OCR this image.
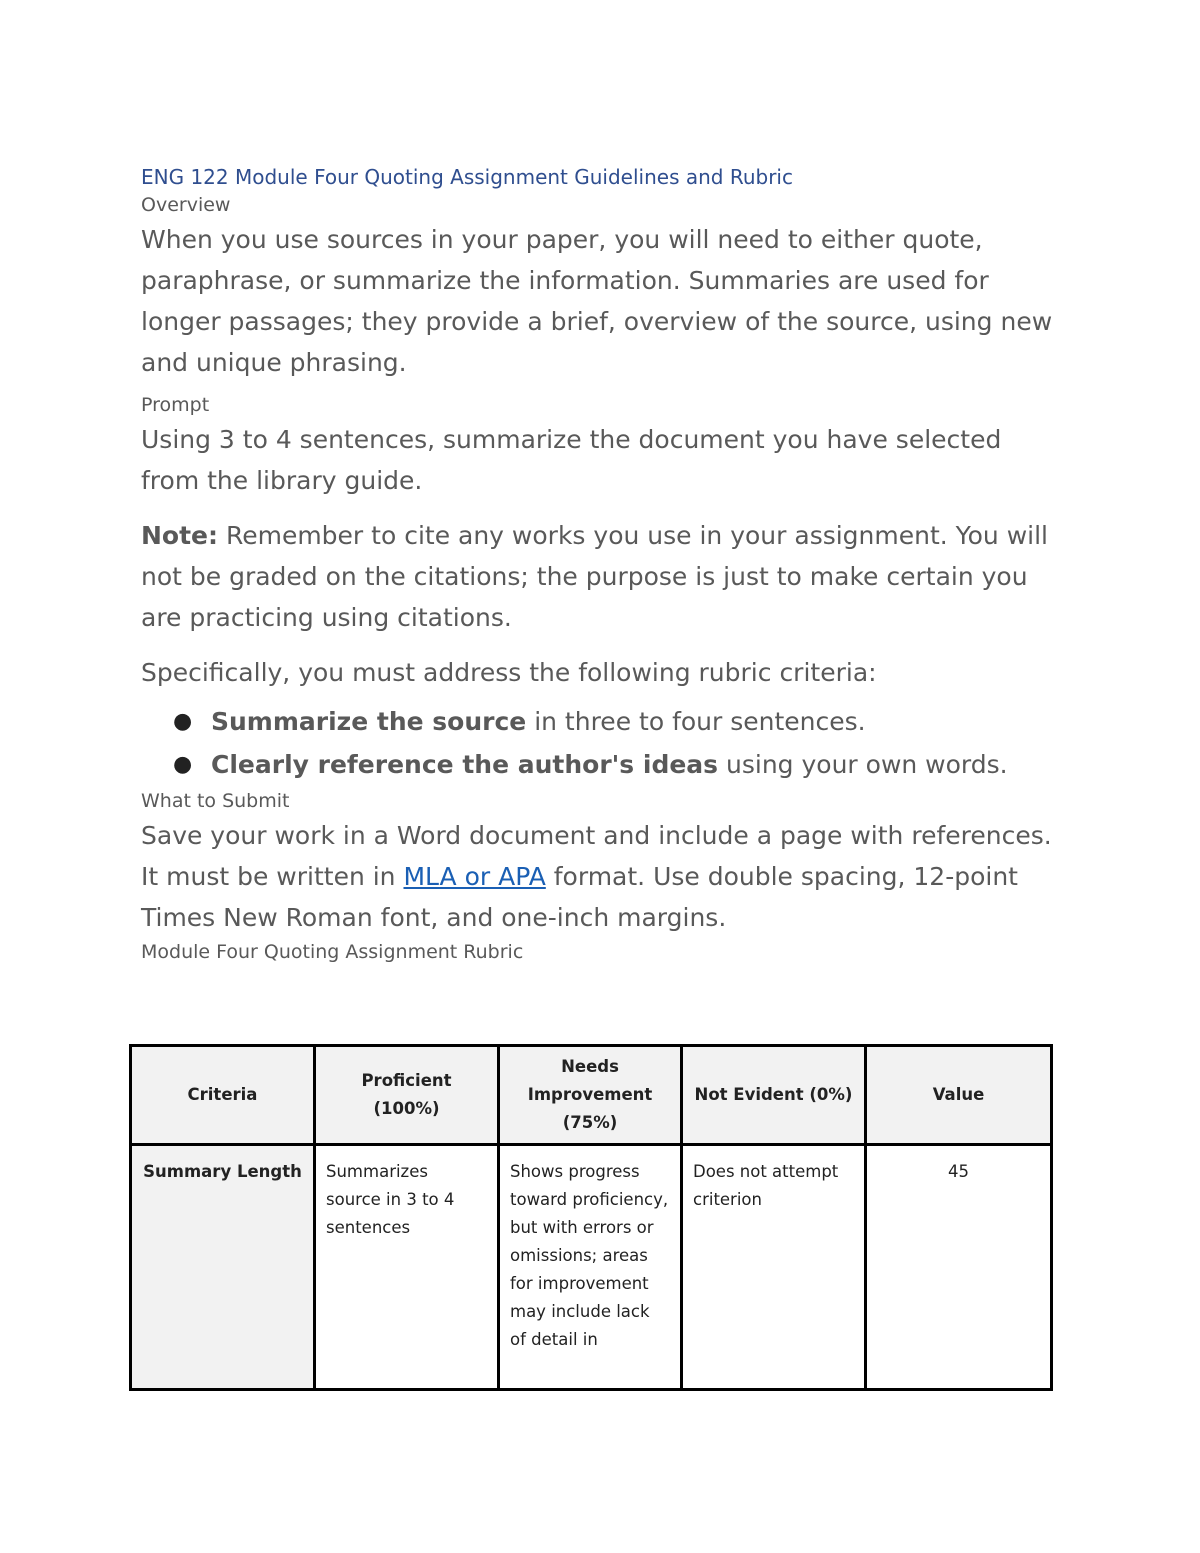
ENG 122 Module Four Quoting Assignment Guidelines and Rubric
Overview

When you use sources in your paper, you will need to either quote, paraphrase, or summarize the information. Summaries are used for longer passages; they provide a brief, overview of the source, using new and unique phrasing.

Prompt

Using 3 to 4 sentences, summarize the document you have selected from the library guide.

Note: Remember to cite any works you use in your assignment. You will not be graded on the citations; the purpose is just to make certain you are practicing using citations.

Specifically, you must address the following rubric criteria:

● Summarize the source in three to four sentences.
● Clearly reference the author's ideas using your own words.
What to Submit

Save your work in a Word document and include a page with references. It must be written in MLA or APA format. Use double spacing, 12-point Times New Roman font, and one-inch margins.

Module Four Quoting Assignment Rubric
Criteria	Proficient (100%)	Needs Improvement (75%)	Not Evident (0%)	Value
Summary Length	Summarizes source in 3 to 4 sentences	Shows progress toward proficiency, but with errors or omissions; areas for improvement may include lack of detail in	Does not attempt criterion	45
